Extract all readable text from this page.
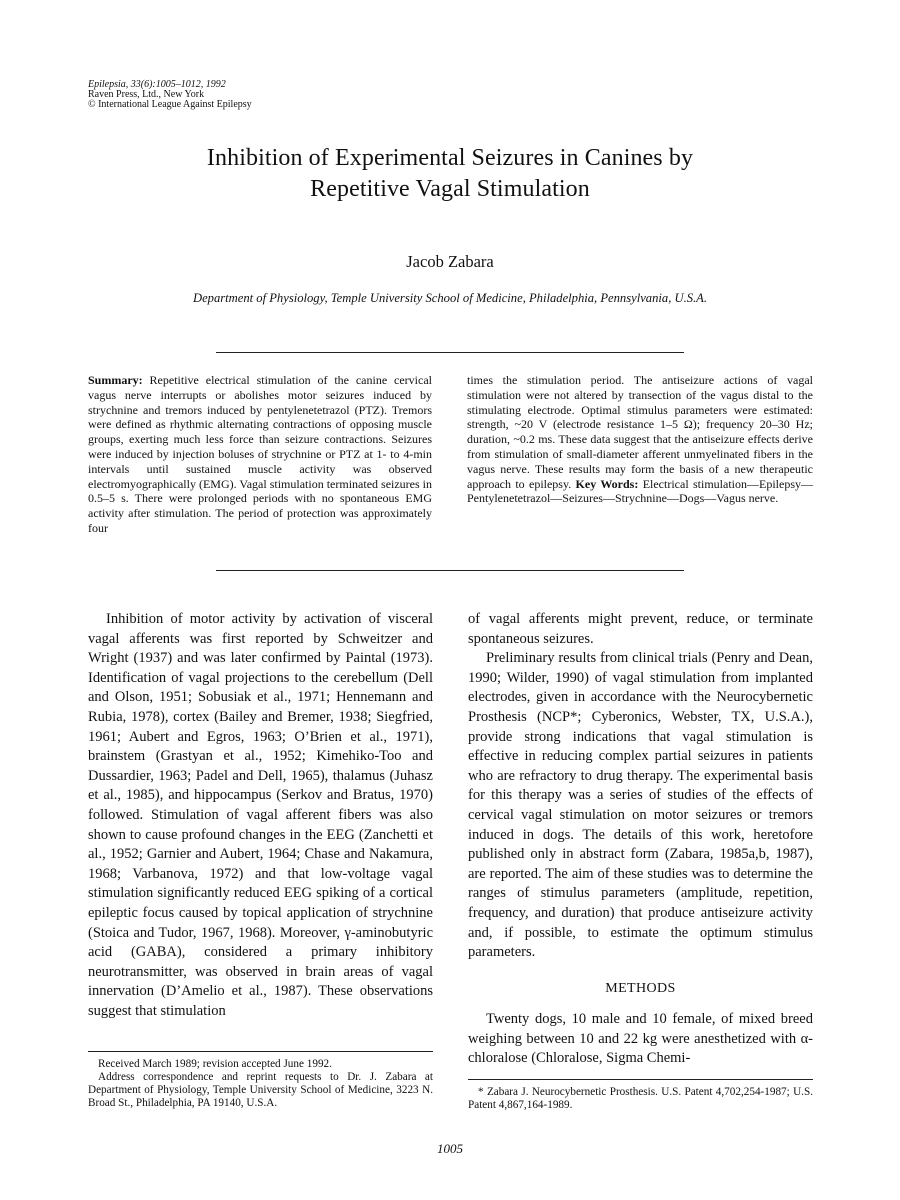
Epilepsia, 33(6):1005–1012, 1992
Raven Press, Ltd., New York
© International League Against Epilepsy
Inhibition of Experimental Seizures in Canines by
Repetitive Vagal Stimulation
Jacob Zabara
Department of Physiology, Temple University School of Medicine, Philadelphia, Pennsylvania, U.S.A.
Summary: Repetitive electrical stimulation of the canine cervical vagus nerve interrupts or abolishes motor seizures induced by strychnine and tremors induced by pentylenetetrazol (PTZ). Tremors were defined as rhythmic alternating contractions of opposing muscle groups, exerting much less force than seizure contractions. Seizures were induced by injection boluses of strychnine or PTZ at 1- to 4-min intervals until sustained muscle activity was observed electromyographically (EMG). Vagal stimulation terminated seizures in 0.5–5 s. There were prolonged periods with no spontaneous EMG activity after stimulation. The period of protection was approximately four
times the stimulation period. The antiseizure actions of vagal stimulation were not altered by transection of the vagus distal to the stimulating electrode. Optimal stimulus parameters were estimated: strength, ~20 V (electrode resistance 1–5 Ω); frequency 20–30 Hz; duration, ~0.2 ms. These data suggest that the antiseizure effects derive from stimulation of small-diameter afferent unmyelinated fibers in the vagus nerve. These results may form the basis of a new therapeutic approach to epilepsy. Key Words: Electrical stimulation—Epilepsy—Pentylenetetrazol—Seizures—Strychnine—Dogs—Vagus nerve.

Inhibition of motor activity by activation of visceral vagal afferents was first reported by Schweitzer and Wright (1937) and was later confirmed by Paintal (1973). Identification of vagal projections to the cerebellum (Dell and Olson, 1951; Sobusiak et al., 1971; Hennemann and Rubia, 1978), cortex (Bailey and Bremer, 1938; Siegfried, 1961; Aubert and Egros, 1963; O’Brien et al., 1971), brainstem (Grastyan et al., 1952; Kimehiko-Too and Dussardier, 1963; Padel and Dell, 1965), thalamus (Juhasz et al., 1985), and hippocampus (Serkov and Bratus, 1970) followed. Stimulation of vagal afferent fibers was also shown to cause profound changes in the EEG (Zanchetti et al., 1952; Garnier and Aubert, 1964; Chase and Nakamura, 1968; Varbanova, 1972) and that low-voltage vagal stimulation significantly reduced EEG spiking of a cortical epileptic focus caused by topical application of strychnine (Stoica and Tudor, 1967, 1968). Moreover, γ-aminobutyric acid (GABA), considered a primary inhibitory neurotransmitter, was observed in brain areas of vagal innervation (D’Amelio et al., 1987). These observations suggest that stimulation

of vagal afferents might prevent, reduce, or terminate spontaneous seizures.

Preliminary results from clinical trials (Penry and Dean, 1990; Wilder, 1990) of vagal stimulation from implanted electrodes, given in accordance with the Neurocybernetic Prosthesis (NCP*; Cyberonics, Webster, TX, U.S.A.), provide strong indications that vagal stimulation is effective in reducing complex partial seizures in patients who are refractory to drug therapy. The experimental basis for this therapy was a series of studies of the effects of cervical vagal stimulation on motor seizures or tremors induced in dogs. The details of this work, heretofore published only in abstract form (Zabara, 1985a,b, 1987), are reported. The aim of these studies was to determine the ranges of stimulus parameters (amplitude, repetition, frequency, and duration) that produce antiseizure activity and, if possible, to estimate the optimum stimulus parameters.

METHODS

Twenty dogs, 10 male and 10 female, of mixed breed weighing between 10 and 22 kg were anesthetized with α-chloralose (Chloralose, Sigma Chemi-

Received March 1989; revision accepted June 1992.

Address correspondence and reprint requests to Dr. J. Zabara at Department of Physiology, Temple University School of Medicine, 3223 N. Broad St., Philadelphia, PA 19140, U.S.A.

* Zabara J. Neurocybernetic Prosthesis. U.S. Patent 4,702,254-1987; U.S. Patent 4,867,164-1989.

1005
